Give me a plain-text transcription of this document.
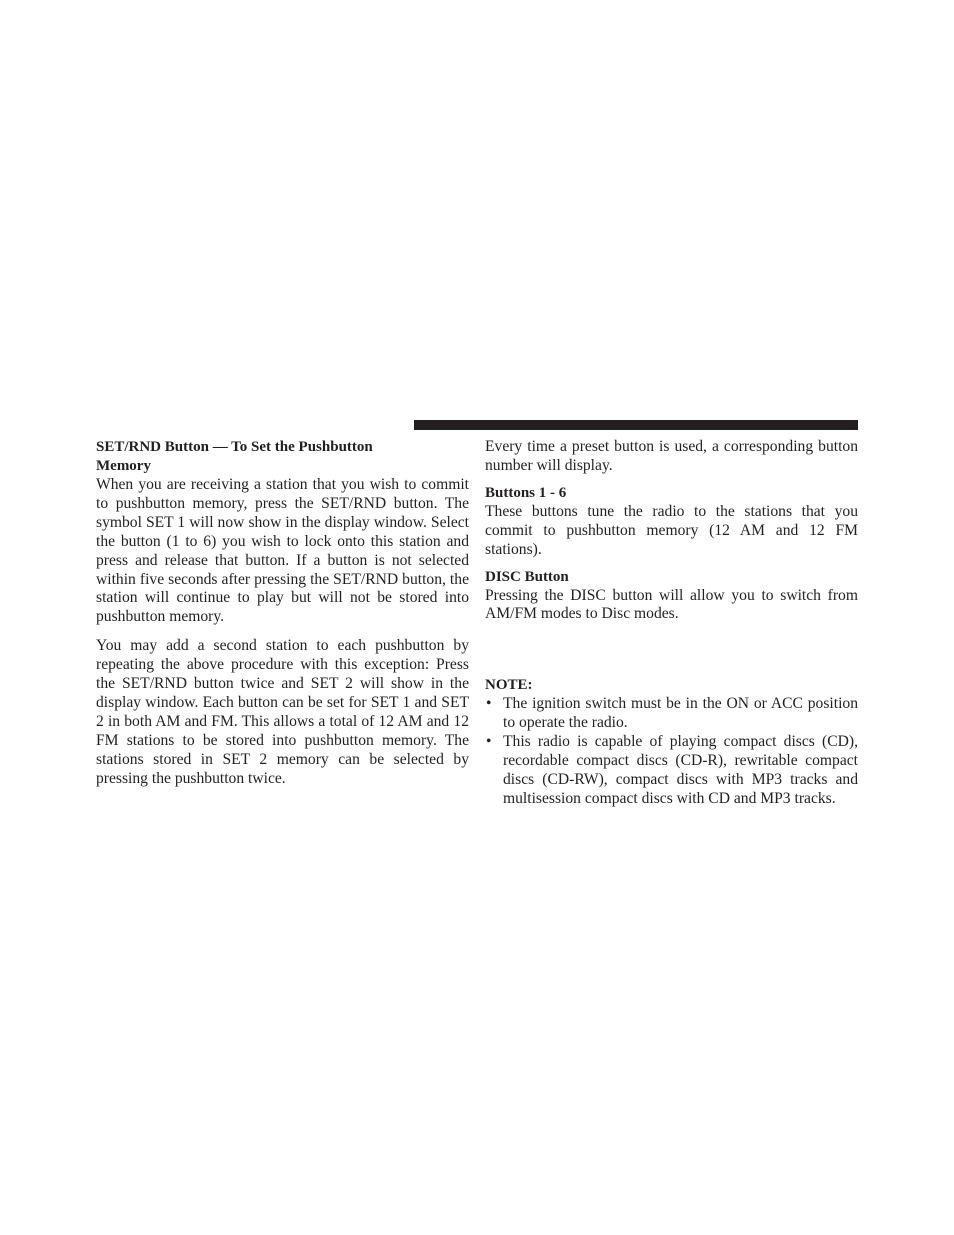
SET/RND Button — To Set the Pushbutton Memory

When you are receiving a station that you wish to commit to pushbutton memory, press the SET/RND button. The symbol SET 1 will now show in the display window. Select the button (1 to 6) you wish to lock onto this station and press and release that button. If a button is not selected within five seconds after pressing the SET/RND button, the station will continue to play but will not be stored into pushbutton memory.

You may add a second station to each pushbutton by repeating the above procedure with this exception: Press the SET/RND button twice and SET 2 will show in the display window. Each button can be set for SET 1 and SET 2 in both AM and FM. This allows a total of 12 AM and 12 FM stations to be stored into pushbutton memory. The stations stored in SET 2 memory can be selected by pressing the pushbutton twice.

Every time a preset button is used, a corresponding button number will display.

Buttons 1 - 6

These buttons tune the radio to the stations that you commit to pushbutton memory (12 AM and 12 FM stations).

DISC Button

Pressing the DISC button will allow you to switch from AM/FM modes to Disc modes.

NOTE:
• The ignition switch must be in the ON or ACC position to operate the radio.
• This radio is capable of playing compact discs (CD), recordable compact discs (CD-R), rewritable compact discs (CD-RW), compact discs with MP3 tracks and multisession compact discs with CD and MP3 tracks.
